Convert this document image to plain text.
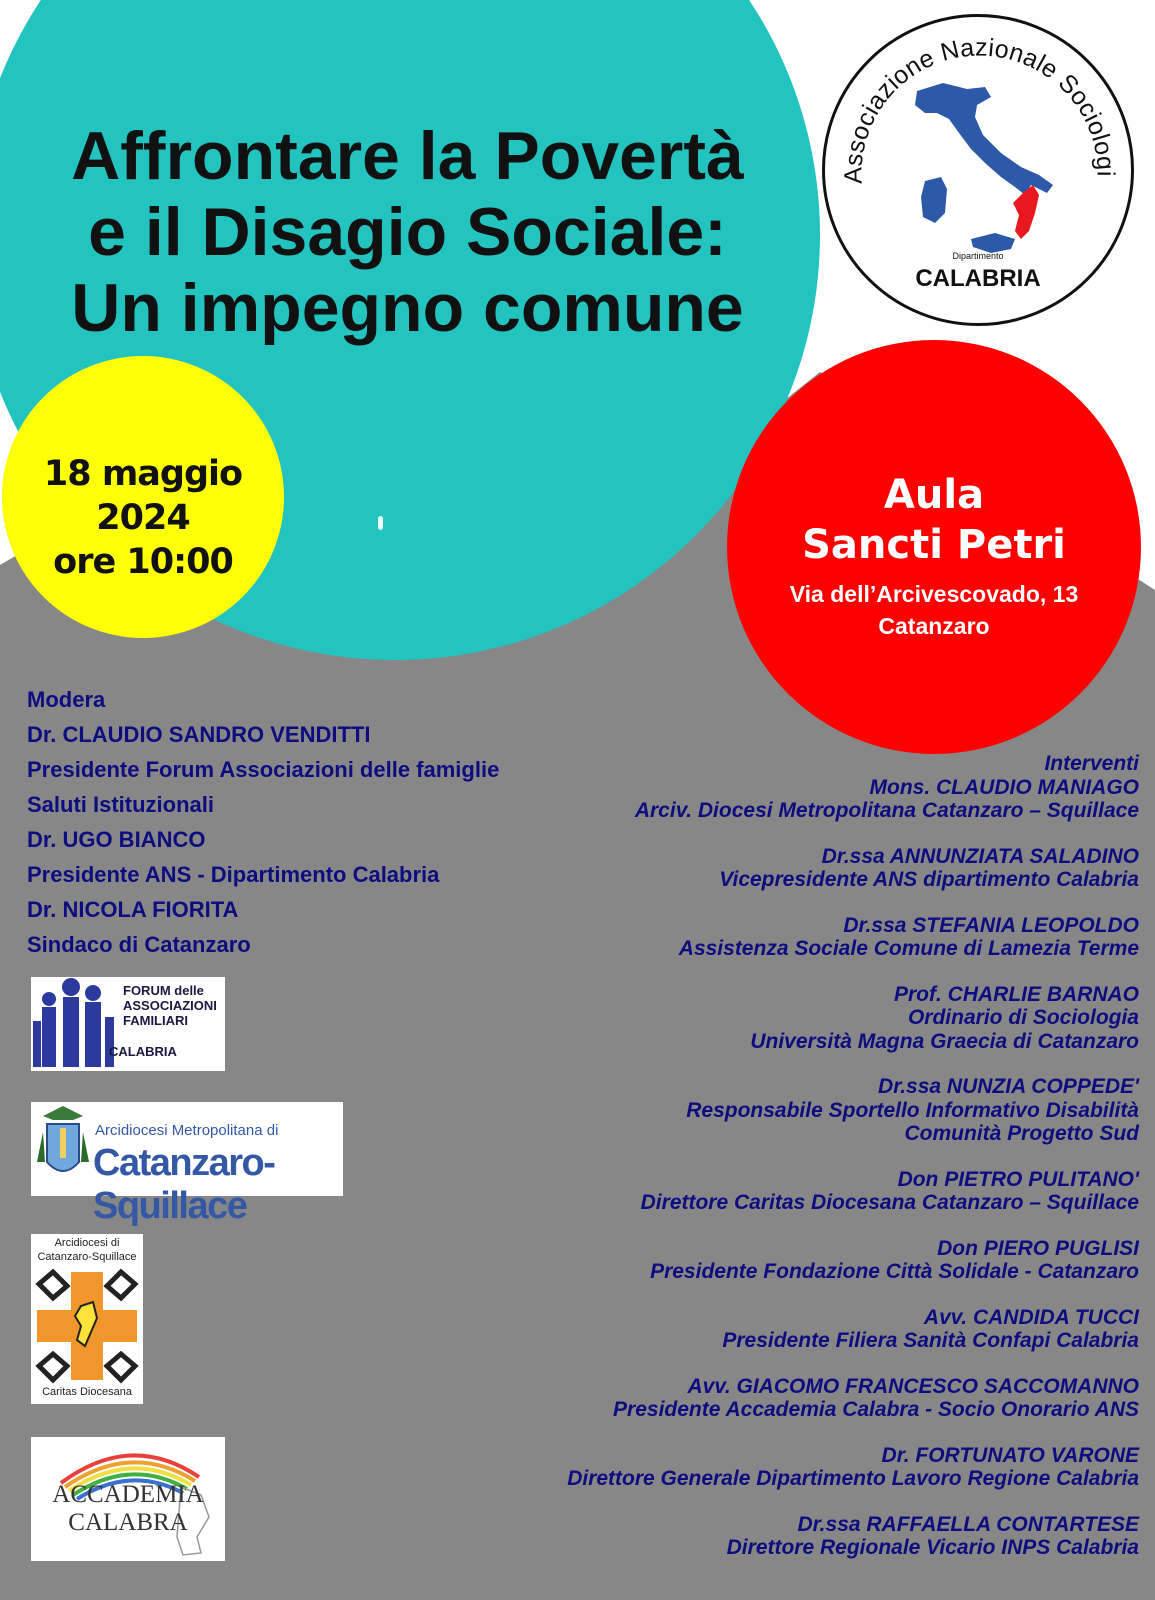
Affrontare la Povertà
e il Disagio Sociale:
Un impegno comune
Associazione Nazionale Sociologi
Dipartimento
CALABRIA
18 maggio 2024
ore 10:00
Aula
Sancti Petri
Via dell’Arcivescovado, 13
Catanzaro
Modera
Dr. CLAUDIO SANDRO VENDITTI
Presidente Forum Associazioni delle famiglie
Saluti Istituzionali
Dr. UGO BIANCO
Presidente ANS - Dipartimento Calabria
Dr. NICOLA FIORITA
Sindaco di Catanzaro
Interventi
Mons. CLAUDIO MANIAGO
Arciv. Diocesi Metropolitana Catanzaro – Squillace
Dr.ssa ANNUNZIATA SALADINO
Vicepresidente ANS dipartimento Calabria
Dr.ssa STEFANIA LEOPOLDO
Assistenza Sociale Comune di Lamezia Terme
Prof. CHARLIE BARNAO
Ordinario di Sociologia
Università Magna Graecia di Catanzaro
Dr.ssa NUNZIA COPPEDE'
Responsabile Sportello Informativo Disabilità
Comunità Progetto Sud
Don PIETRO PULITANO'
Direttore Caritas Diocesana Catanzaro – Squillace
Don PIERO PUGLISI
Presidente Fondazione Città Solidale - Catanzaro
Avv. CANDIDA TUCCI
Presidente Filiera Sanità Confapi Calabria
Avv. GIACOMO FRANCESCO SACCOMANNO
Presidente Accademia Calabra - Socio Onorario ANS
Dr. FORTUNATO VARONE
Direttore Generale Dipartimento Lavoro Regione Calabria
Dr.ssa RAFFAELLA CONTARTESE
Direttore Regionale Vicario INPS Calabria
FORUM delle
ASSOCIAZIONI
FAMILIARI
CALABRIA
Arcidiocesi Metropolitana di
Catanzaro-Squillace
Arcidiocesi di
Catanzaro-Squillace
Caritas Diocesana
ACCADEMIA
CALABRA
